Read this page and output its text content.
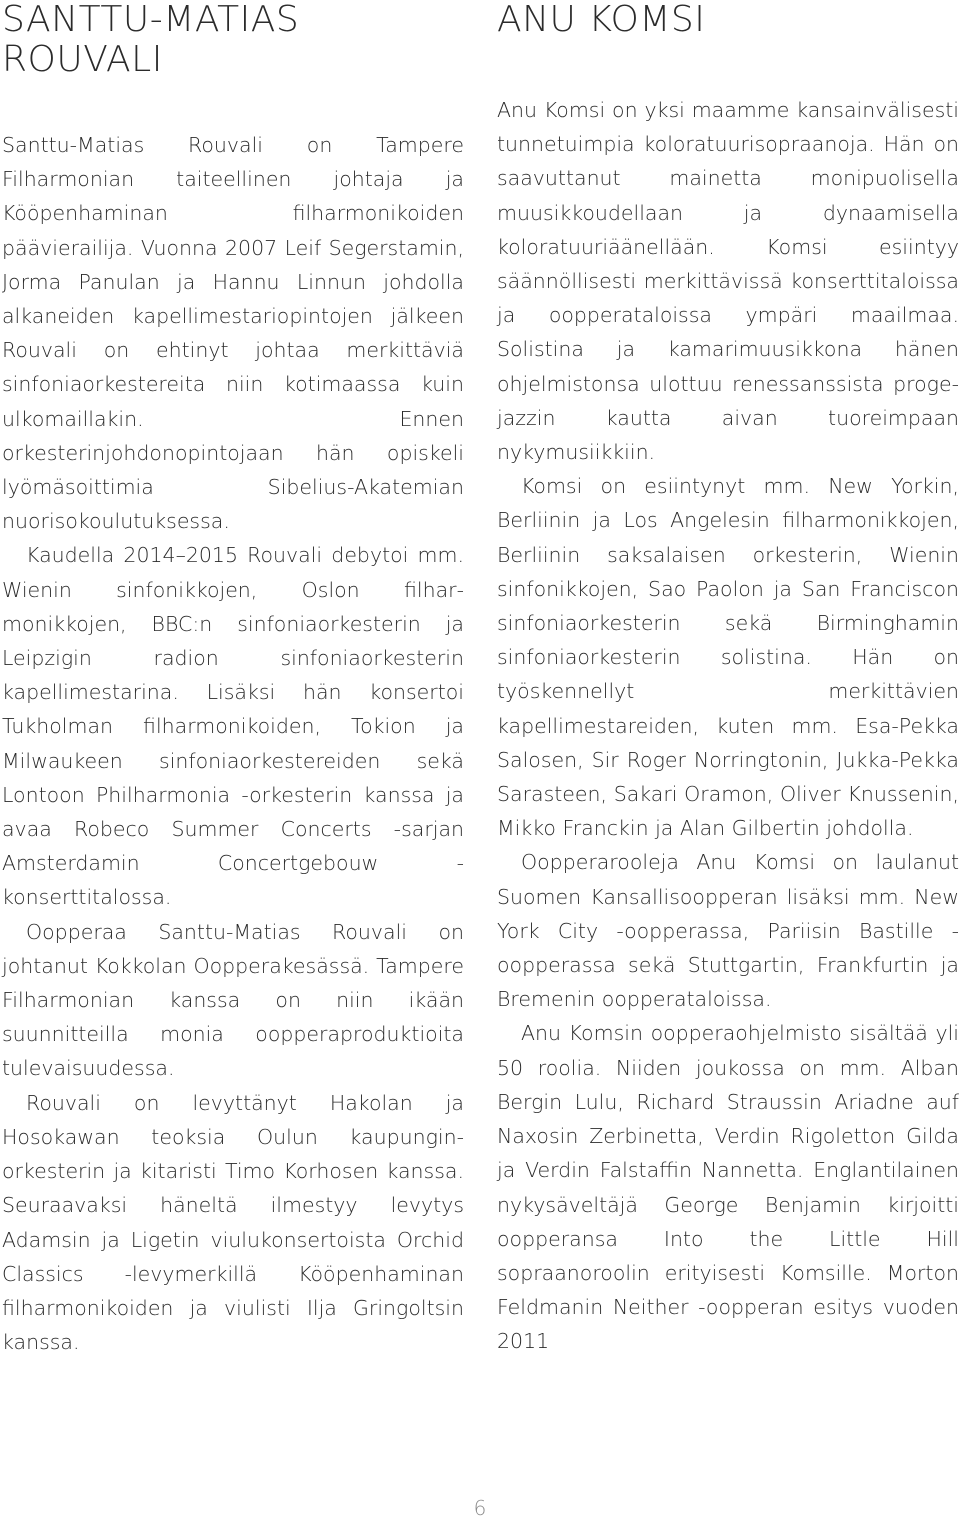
SANTTU-MATIAS
ROUVALI

Santtu-Matias Rouvali on Tampere Filharmonian taiteellinen johtaja ja Kööpenhaminan filharmonikoiden päävierailija. Vuonna 2007 Leif Segerstamin, Jorma Panulan ja Hannu Linnun johdolla alkaneiden kapellimestariopintojen jälkeen Rouvali on ehtinyt johtaa merkittäviä sinfoniaorkestereita niin kotimaassa kuin ulkomaillakin. Ennen orkesterinjohdonopintojaan hän opiskeli lyömäsoittimia Sibelius-Akatemian nuorisokoulutuksessa.

Kaudella 2014–2015 Rouvali debytoi mm. Wienin sinfonikkojen, Oslon filharmonikkojen, BBC:n sinfoniaorkesterin ja Leipzigin radion sinfoniaorkesterin kapellimestarina. Lisäksi hän konsertoi Tukholman filharmonikoiden, Tokion ja Milwaukeen sinfoniaorkestereiden sekä Lontoon Philharmonia -orkesterin kanssa ja avaa Robeco Summer Concerts -sarjan Amsterdamin Concertgebouw -konserttitalossa.

Oopperaa Santtu-Matias Rouvali on johtanut Kokkolan Oopperakesässä. Tampere Filharmonian kanssa on niin ikään suunnitteilla monia oopperaproduktioita tulevaisuudessa.

Rouvali on levyttänyt Hakolan ja Hosokawan teoksia Oulun kaupunginorkesterin ja kitaristi Timo Korhosen kanssa. Seuraavaksi häneltä ilmestyy levytys Adamsin ja Ligetin viulukonsertoista Orchid Classics -levymerkillä Kööpenhaminan filharmonikoiden ja viulisti Ilja Gringoltsin kanssa.

ANU KOMSI

Anu Komsi on yksi maamme kansainvälisesti tunnetuimpia koloratuurisopraanoja. Hän on saavuttanut mainetta monipuolisella muusikkoudellaan ja dynaamisella koloratuuriäänellään. Komsi esiintyy säännöllisesti merkittävissä konserttitaloissa ja oopperataloissa ympäri maailmaa. Solistina ja kamarimuusikkona hänen ohjelmistonsa ulottuu renessanssista proge-jazzin kautta aivan tuoreimpaan nykymusiikkiin.

Komsi on esiintynyt mm. New Yorkin, Berliinin ja Los Angelesin filharmonikkojen, Berliinin saksalaisen orkesterin, Wienin sinfonikkojen, Sao Paolon ja San Franciscon sinfoniaorkesterin sekä Birminghamin sinfoniaorkesterin solistina. Hän on työskennellyt merkittävien kapellimestareiden, kuten mm. Esa-Pekka Salosen, Sir Roger Norringtonin, Jukka-Pekka Sarasteen, Sakari Oramon, Oliver Knussenin, Mikko Franckin ja Alan Gilbertin johdolla.

Oopperarooleja Anu Komsi on laulanut Suomen Kansallisoopperan lisäksi mm. New York City -oopperassa, Pariisin Bastille -oopperassa sekä Stuttgartin, Frankfurtin ja Bremenin oopperataloissa.

Anu Komsin oopperaohjelmisto sisältää yli 50 roolia. Niiden joukossa on mm. Alban Bergin Lulu, Richard Straussin Ariadne auf Naxosin Zerbinetta, Verdin Rigoletton Gilda ja Verdin Falstaffin Nannetta. Englantilainen nykysäveltäjä George Benjamin kirjoitti oopperansa Into the Little Hill sopraanoroolin erityisesti Komsille. Morton Feldmanin Neither -oopperan esitys vuoden 2011

6
